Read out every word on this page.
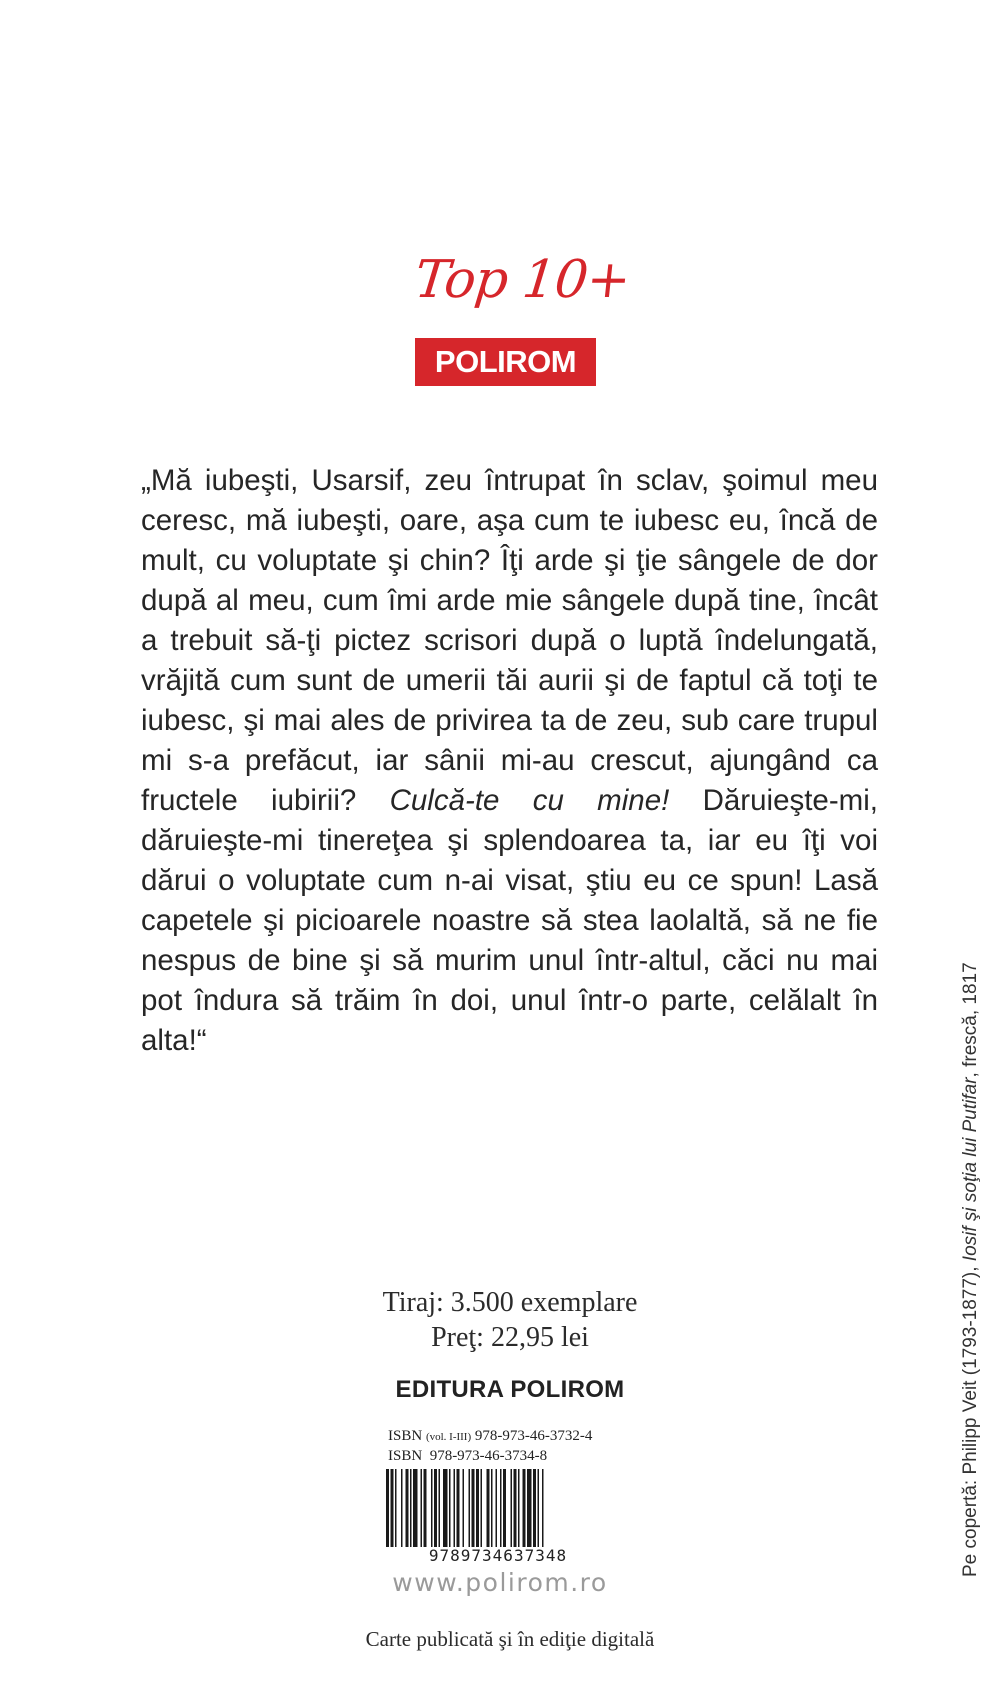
Top 10+
POLIROM

„Mă iubeşti, Usarsif, zeu întrupat în sclav, şoimul meu ceresc, mă iubeşti, oare, aşa cum te iubesc eu, încă de mult, cu voluptate şi chin? Îţi arde şi ţie sângele de dor după al meu, cum îmi arde mie sângele după tine, încât a trebuit să-ţi pictez scrisori după o luptă îndelungată, vrăjită cum sunt de umerii tăi aurii şi de faptul că toţi te iubesc, şi mai ales de privirea ta de zeu, sub care trupul mi s-a prefăcut, iar sânii mi-au crescut, ajungând ca fructele iubirii? Culcă-te cu mine! Dăruieşte-mi, dăruieşte-mi tinereţea şi splendoarea ta, iar eu îţi voi dărui o voluptate cum n-ai visat, ştiu eu ce spun! Lasă capetele şi picioarele noastre să stea laolaltă, să ne fie nespus de bine şi să murim unul într-altul, căci nu mai pot îndura să trăim în doi, unul într-o parte, celălalt în alta!“

Tiraj: 3.500 exemplare
Preţ: 22,95 lei
EDITURA POLIROM
ISBN (vol. I-III) 978-973-46-3732-4
ISBN 978-973-46-3734-8
9789734637348
www.polirom.ro
Carte publicată şi în ediţie digitală
Pe copertă: Philipp Veit (1793-1877), Iosif şi soţia lui Putifar, frescă, 1817
